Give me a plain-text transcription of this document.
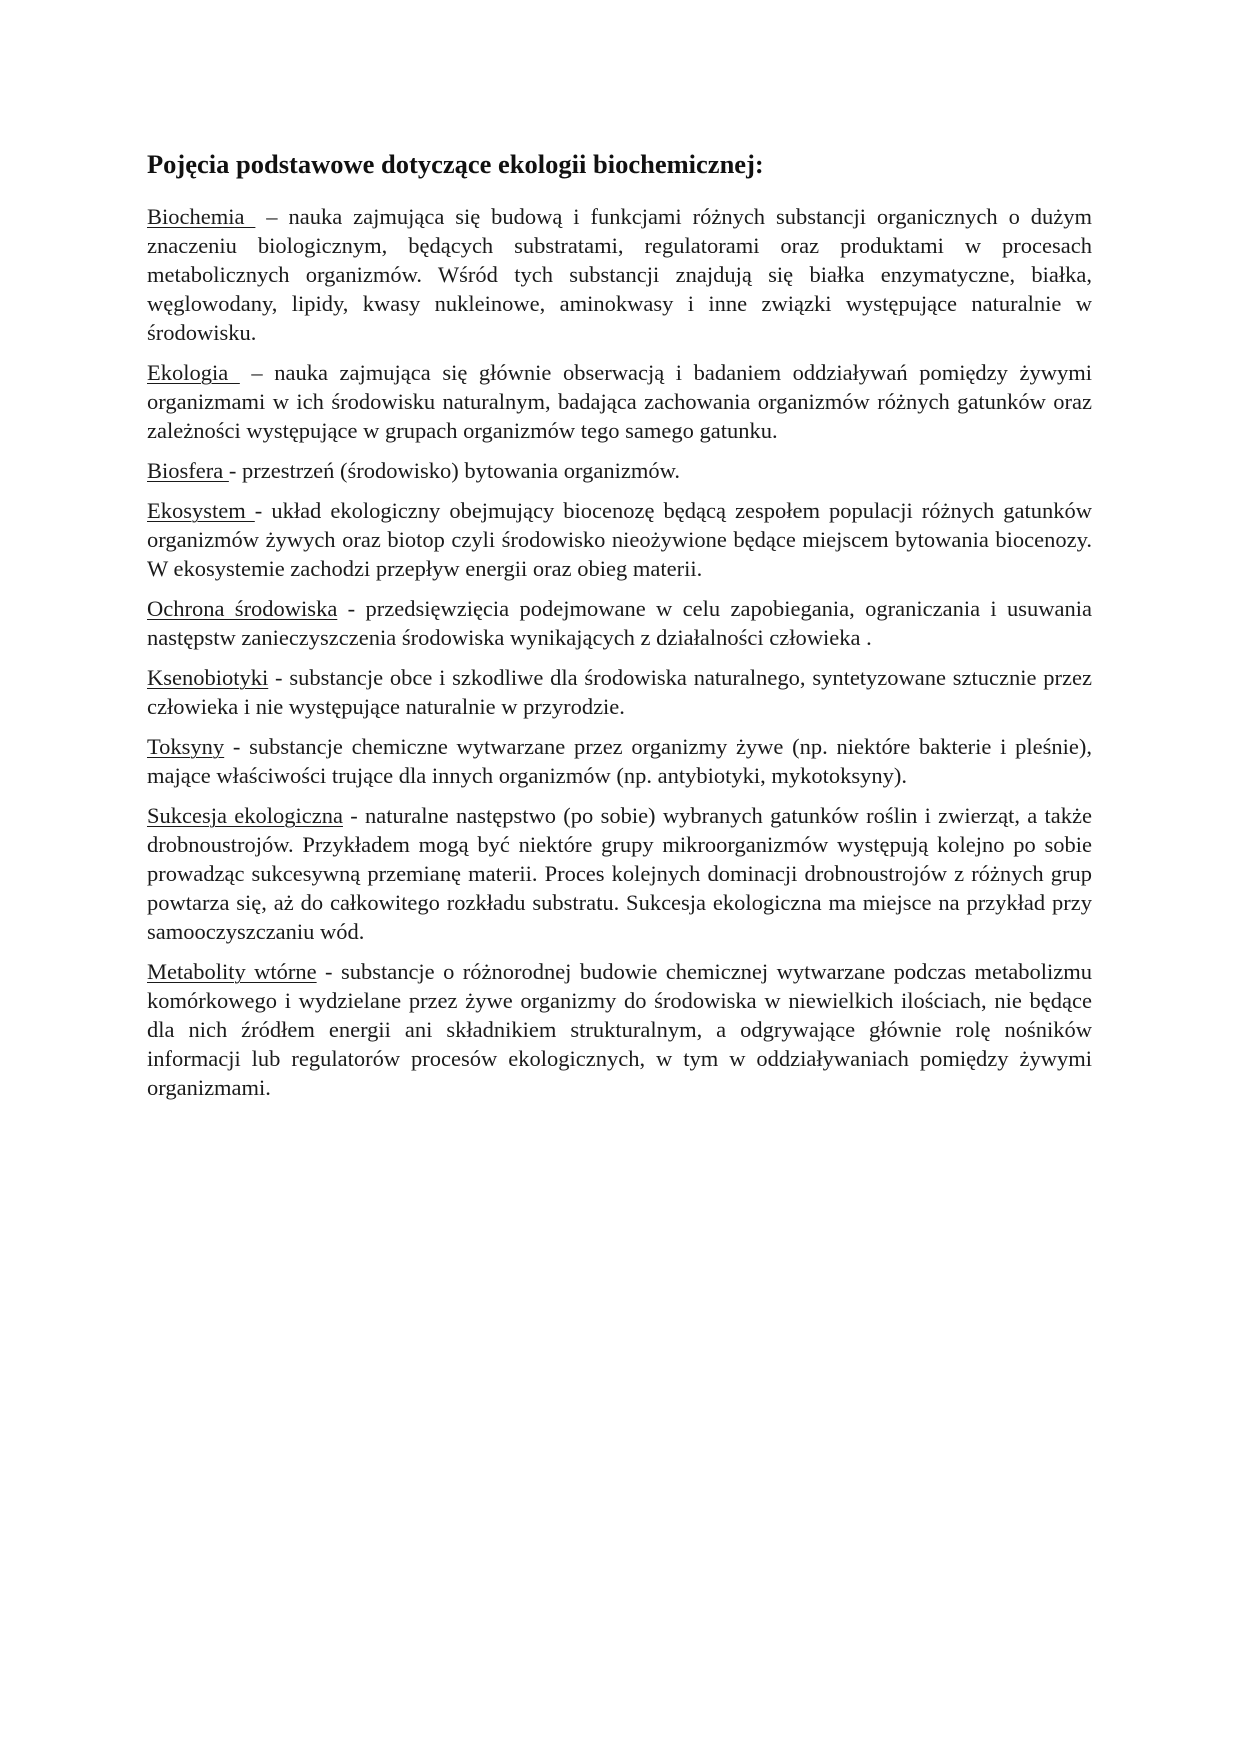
Pojęcia podstawowe dotyczące ekologii biochemicznej:

Biochemia  – nauka zajmująca się budową i funkcjami różnych substancji organicznych o dużym znaczeniu biologicznym, będących substratami, regulatorami oraz produktami w procesach metabolicznych organizmów. Wśród tych substancji znajdują się białka enzymatyczne, białka, węglowodany, lipidy, kwasy nukleinowe, aminokwasy i inne związki występujące naturalnie w środowisku.

Ekologia  – nauka zajmująca się głównie obserwacją i badaniem oddziaływań pomiędzy żywymi organizmami w ich środowisku naturalnym, badająca zachowania organizmów różnych gatunków oraz zależności występujące w grupach organizmów tego samego gatunku.

Biosfera - przestrzeń (środowisko) bytowania organizmów.

Ekosystem - układ ekologiczny obejmujący biocenozę będącą zespołem populacji różnych gatunków organizmów żywych oraz biotop czyli środowisko nieożywione będące miejscem bytowania biocenozy. W ekosystemie zachodzi przepływ energii oraz obieg materii.

Ochrona środowiska - przedsięwzięcia podejmowane w celu zapobiegania, ograniczania i usuwania następstw zanieczyszczenia środowiska wynikających z działalności człowieka .

Ksenobiotyki - substancje obce i szkodliwe dla środowiska naturalnego, syntetyzowane sztucznie przez człowieka i nie występujące naturalnie w przyrodzie.

Toksyny - substancje chemiczne wytwarzane przez organizmy żywe (np. niektóre bakterie i pleśnie), mające właściwości trujące dla innych organizmów (np. antybiotyki, mykotoksyny).

Sukcesja ekologiczna - naturalne następstwo (po sobie) wybranych gatunków roślin i zwierząt, a także drobnoustrojów. Przykładem mogą być niektóre grupy mikroorganizmów występują kolejno po sobie prowadząc sukcesywną przemianę materii. Proces kolejnych dominacji drobnoustrojów z różnych grup powtarza się, aż do całkowitego rozkładu substratu. Sukcesja ekologiczna ma miejsce na przykład przy samooczyszczaniu wód.

Metabolity wtórne - substancje o różnorodnej budowie chemicznej wytwarzane podczas metabolizmu komórkowego i wydzielane przez żywe organizmy do środowiska w niewielkich ilościach, nie będące dla nich źródłem energii ani składnikiem strukturalnym, a odgrywające głównie rolę nośników informacji lub regulatorów procesów ekologicznych, w tym w oddziaływaniach pomiędzy żywymi organizmami.
